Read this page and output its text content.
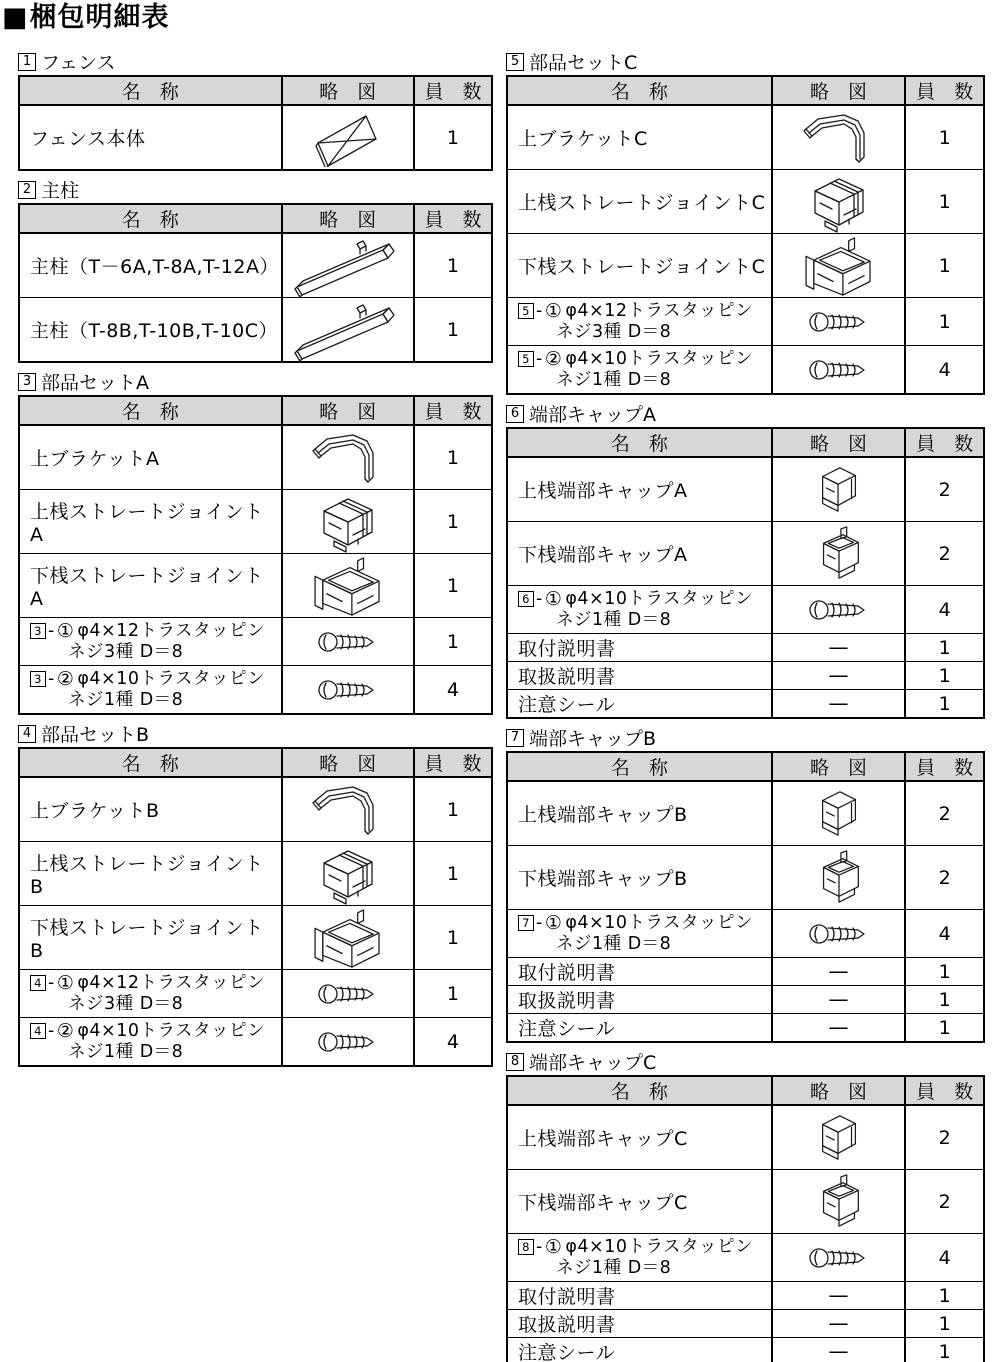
■ 梱包明細表
1 フェンス
名　称	略　図	員　数
フェンス本体		1
2 主柱
名　称	略　図	員　数
主柱（T－6A,T-8A,T-12A）		1
主柱（T-8B,T-10B,T-10C）		1
3 部品セットA
名　称	略　図	員　数
上ブラケットA		1
上桟ストレートジョイントA		1
下桟ストレートジョイントA		1

3 - ① φ4×12トラスタッピン
ネジ3種 D＝8		1

3 - ② φ4×10トラスタッピン
ネジ1種 D＝8		4
4 部品セットB
名　称	略　図	員　数
上ブラケットB		1
上桟ストレートジョイントB		1
下桟ストレートジョイントB		1

4 - ① φ4×12トラスタッピン
ネジ3種 D＝8		1

4 - ② φ4×10トラスタッピン
ネジ1種 D＝8		4
5 部品セットC
名　称	略　図	員　数
上ブラケットC		1
上桟ストレートジョイントC		1
下桟ストレートジョイントC		1

5 - ① φ4×12トラスタッピン
ネジ3種 D＝8		1

5 - ② φ4×10トラスタッピン
ネジ1種 D＝8		4
6 端部キャップA
名　称	略　図	員　数
上桟端部キャップA		2
下桟端部キャップA		2

6 - ① φ4×10トラスタッピン
ネジ1種 D＝8		4
取付説明書	—	1
取扱説明書	—	1
注意シール	—	1
7 端部キャップB
名　称	略　図	員　数
上桟端部キャップB		2
下桟端部キャップB		2

7 - ① φ4×10トラスタッピン
ネジ1種 D＝8		4
取付説明書	—	1
取扱説明書	—	1
注意シール	—	1
8 端部キャップC
名　称	略　図	員　数
上桟端部キャップC		2
下桟端部キャップC		2

8 - ① φ4×10トラスタッピン
ネジ1種 D＝8		4
取付説明書	—	1
取扱説明書	—	1
注意シール	—	1
